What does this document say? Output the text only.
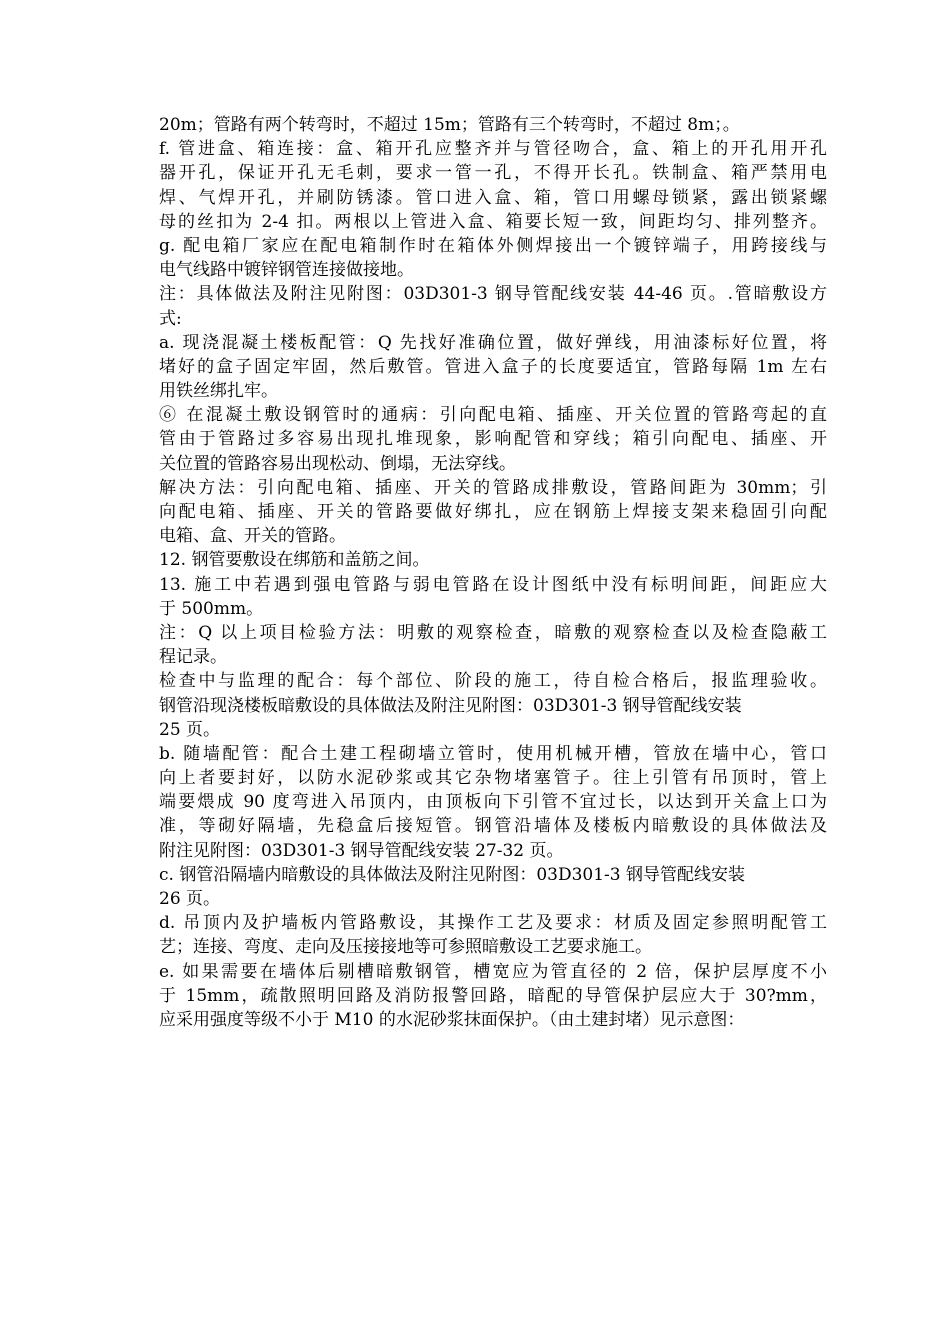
20m；管路有两个转弯时，不超过 15m；管路有三个转弯时，不超过 8m；。
f. 管进盒、箱连接：盒、箱开孔应整齐并与管径吻合，盒、箱上的开孔用开孔
器开孔，保证开孔无毛刺，要求一管一孔，不得开长孔。铁制盒、箱严禁用电
焊、气焊开孔，并刷防锈漆。管口进入盒、箱，管口用螺母锁紧，露出锁紧螺
母的丝扣为 2-4 扣。两根以上管进入盒、箱要长短一致，间距均匀、排列整齐。
g. 配电箱厂家应在配电箱制作时在箱体外侧焊接出一个镀锌端子，用跨接线与
电气线路中镀锌钢管连接做接地。
注：具体做法及附注见附图：03D301-3 钢导管配线安装 44-46 页。.管暗敷设方
式:
a. 现浇混凝土楼板配管：Q 先找好准确位置，做好弹线，用油漆标好位置，将
堵好的盒子固定牢固，然后敷管。管进入盒子的长度要适宜，管路每隔 1m 左右
用铁丝绑扎牢。
⑥ 在混凝土敷设钢管时的通病：引向配电箱、插座、开关位置的管路弯起的直
管由于管路过多容易出现扎堆现象，影响配管和穿线；箱引向配电、插座、开
关位置的管路容易出现松动、倒塌，无法穿线。
解决方法：引向配电箱、插座、开关的管路成排敷设，管路间距为 30mm；引
向配电箱、插座、开关的管路要做好绑扎，应在钢筋上焊接支架来稳固引向配
电箱、盒、开关的管路。
12. 钢管要敷设在绑筋和盖筋之间。
13. 施工中若遇到强电管路与弱电管路在设计图纸中没有标明间距，间距应大
于 500mm。
注：Q 以上项目检验方法：明敷的观察检查，暗敷的观察检查以及检查隐蔽工
程记录。
检查中与监理的配合：每个部位、阶段的施工，待自检合格后，报监理验收。
钢管沿现浇楼板暗敷设的具体做法及附注见附图：03D301-3 钢导管配线安装
25 页。
b. 随墙配管：配合土建工程砌墙立管时，使用机械开槽，管放在墙中心，管口
向上者要封好，以防水泥砂浆或其它杂物堵塞管子。往上引管有吊顶时，管上
端要煨成 90 度弯进入吊顶内，由顶板向下引管不宜过长，以达到开关盒上口为
准，等砌好隔墙，先稳盒后接短管。钢管沿墙体及楼板内暗敷设的具体做法及
附注见附图：03D301-3 钢导管配线安装 27-32 页。
c. 钢管沿隔墙内暗敷设的具体做法及附注见附图：03D301-3 钢导管配线安装
26 页。
d. 吊顶内及护墙板内管路敷设，其操作工艺及要求：材质及固定参照明配管工
艺；连接、弯度、走向及压接接地等可参照暗敷设工艺要求施工。
e. 如果需要在墙体后剔槽暗敷钢管，槽宽应为管直径的 2 倍，保护层厚度不小
于 15mm，疏散照明回路及消防报警回路，暗配的导管保护层应大于 30?mm，
应采用强度等级不小于 M10 的水泥砂浆抹面保护。（由土建封堵）见示意图：
